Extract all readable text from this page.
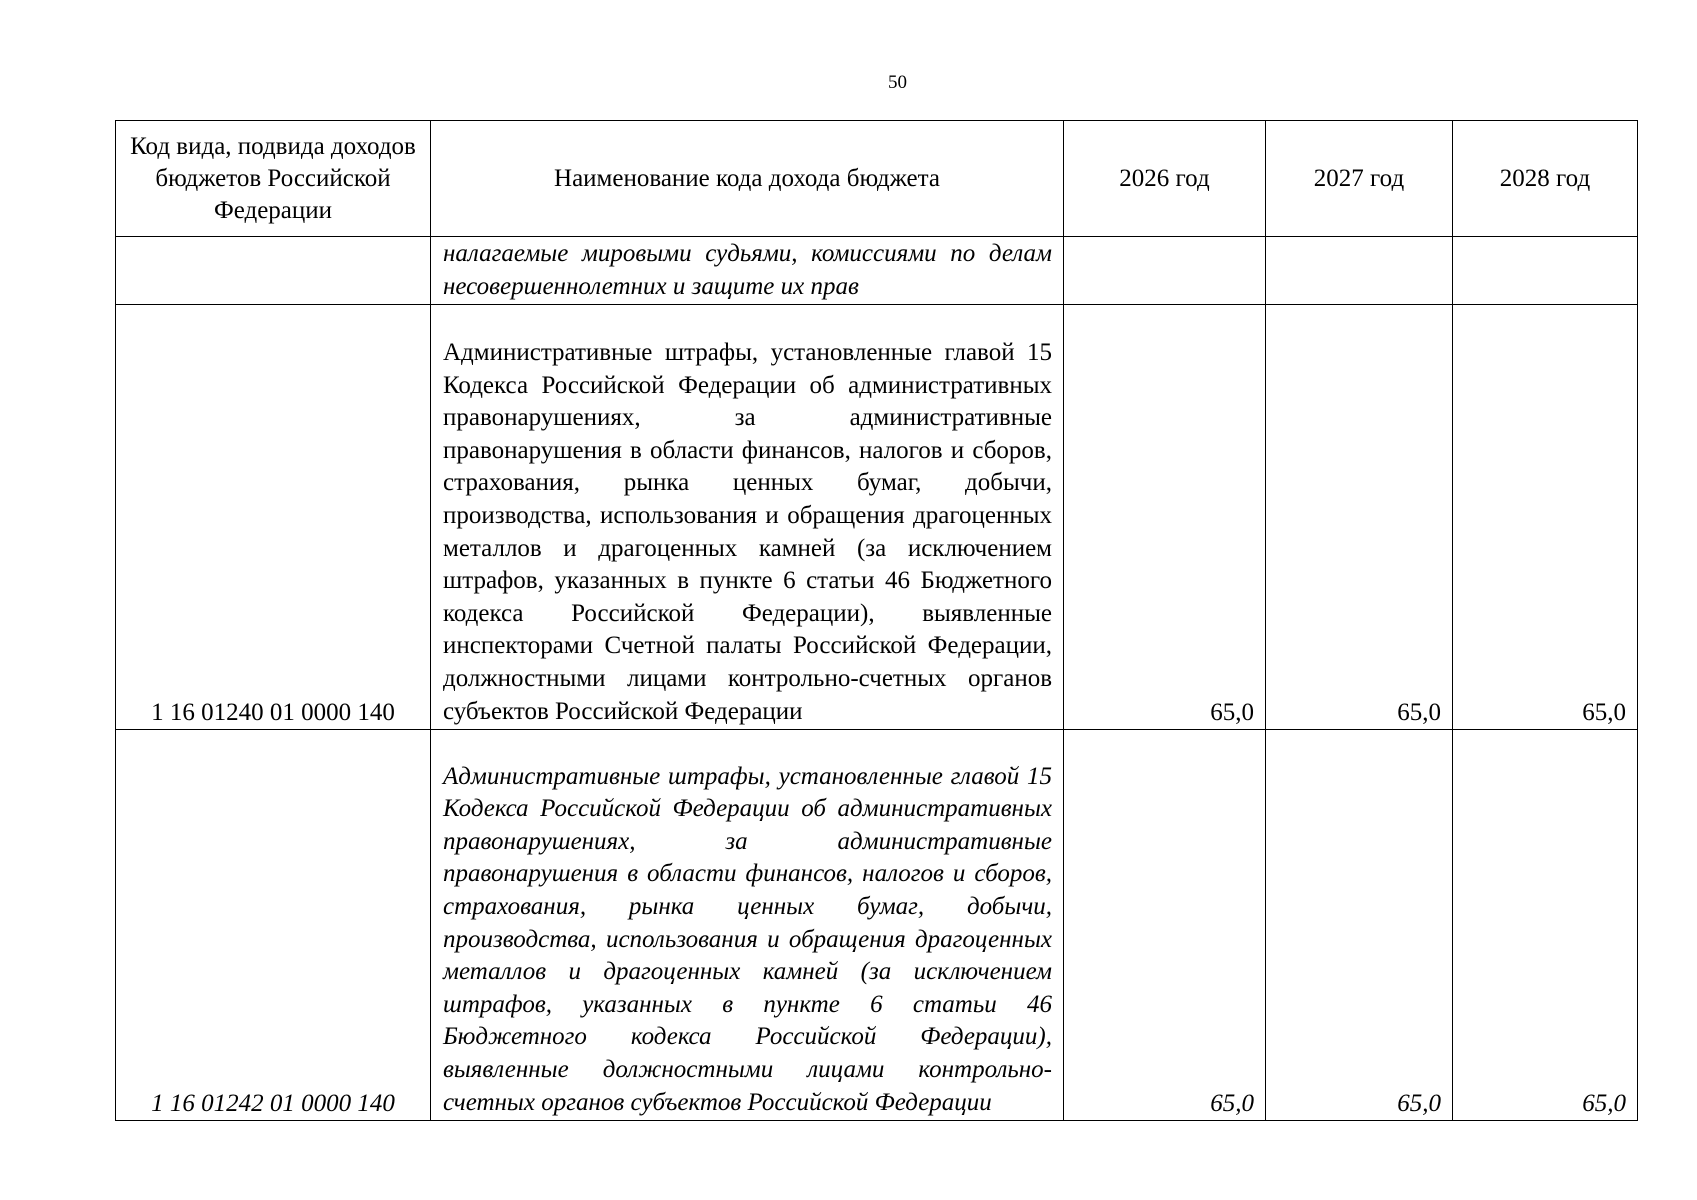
50
Код вида, подвида доходов бюджетов Российской Федерации	Наименование кода дохода бюджета	2026 год	2027 год	2028 год
	налагаемые мировыми судьями, комиссиями по делам несовершеннолетних и защите их прав			
1 16 01240 01 0000 140	Административные штрафы, установленные главой 15 Кодекса Российской Федерации об административных правонарушениях, за административные правонарушения в области финансов, налогов и сборов, страхования, рынка ценных бумаг, добычи, производства, использования и обращения драгоценных металлов и драгоценных камней (за исключением штрафов, указанных в пункте 6 статьи 46 Бюджетного кодекса Российской Федерации), выявленные инспекторами Счетной палаты Российской Федерации, должностными лицами контрольно-счетных органов субъектов Российской Федерации	65,0	65,0	65,0
1 16 01242 01 0000 140	Административные штрафы, установленные главой 15 Кодекса Российской Федерации об административных правонарушениях, за административные правонарушения в области финансов, налогов и сборов, страхования, рынка ценных бумаг, добычи, производства, использования и обращения драгоценных металлов и драгоценных камней (за исключением штрафов, указанных в пункте 6 статьи 46 Бюджетного кодекса Российской Федерации), выявленные должностными лицами контрольно-счетных органов субъектов Российской Федерации	65,0	65,0	65,0
